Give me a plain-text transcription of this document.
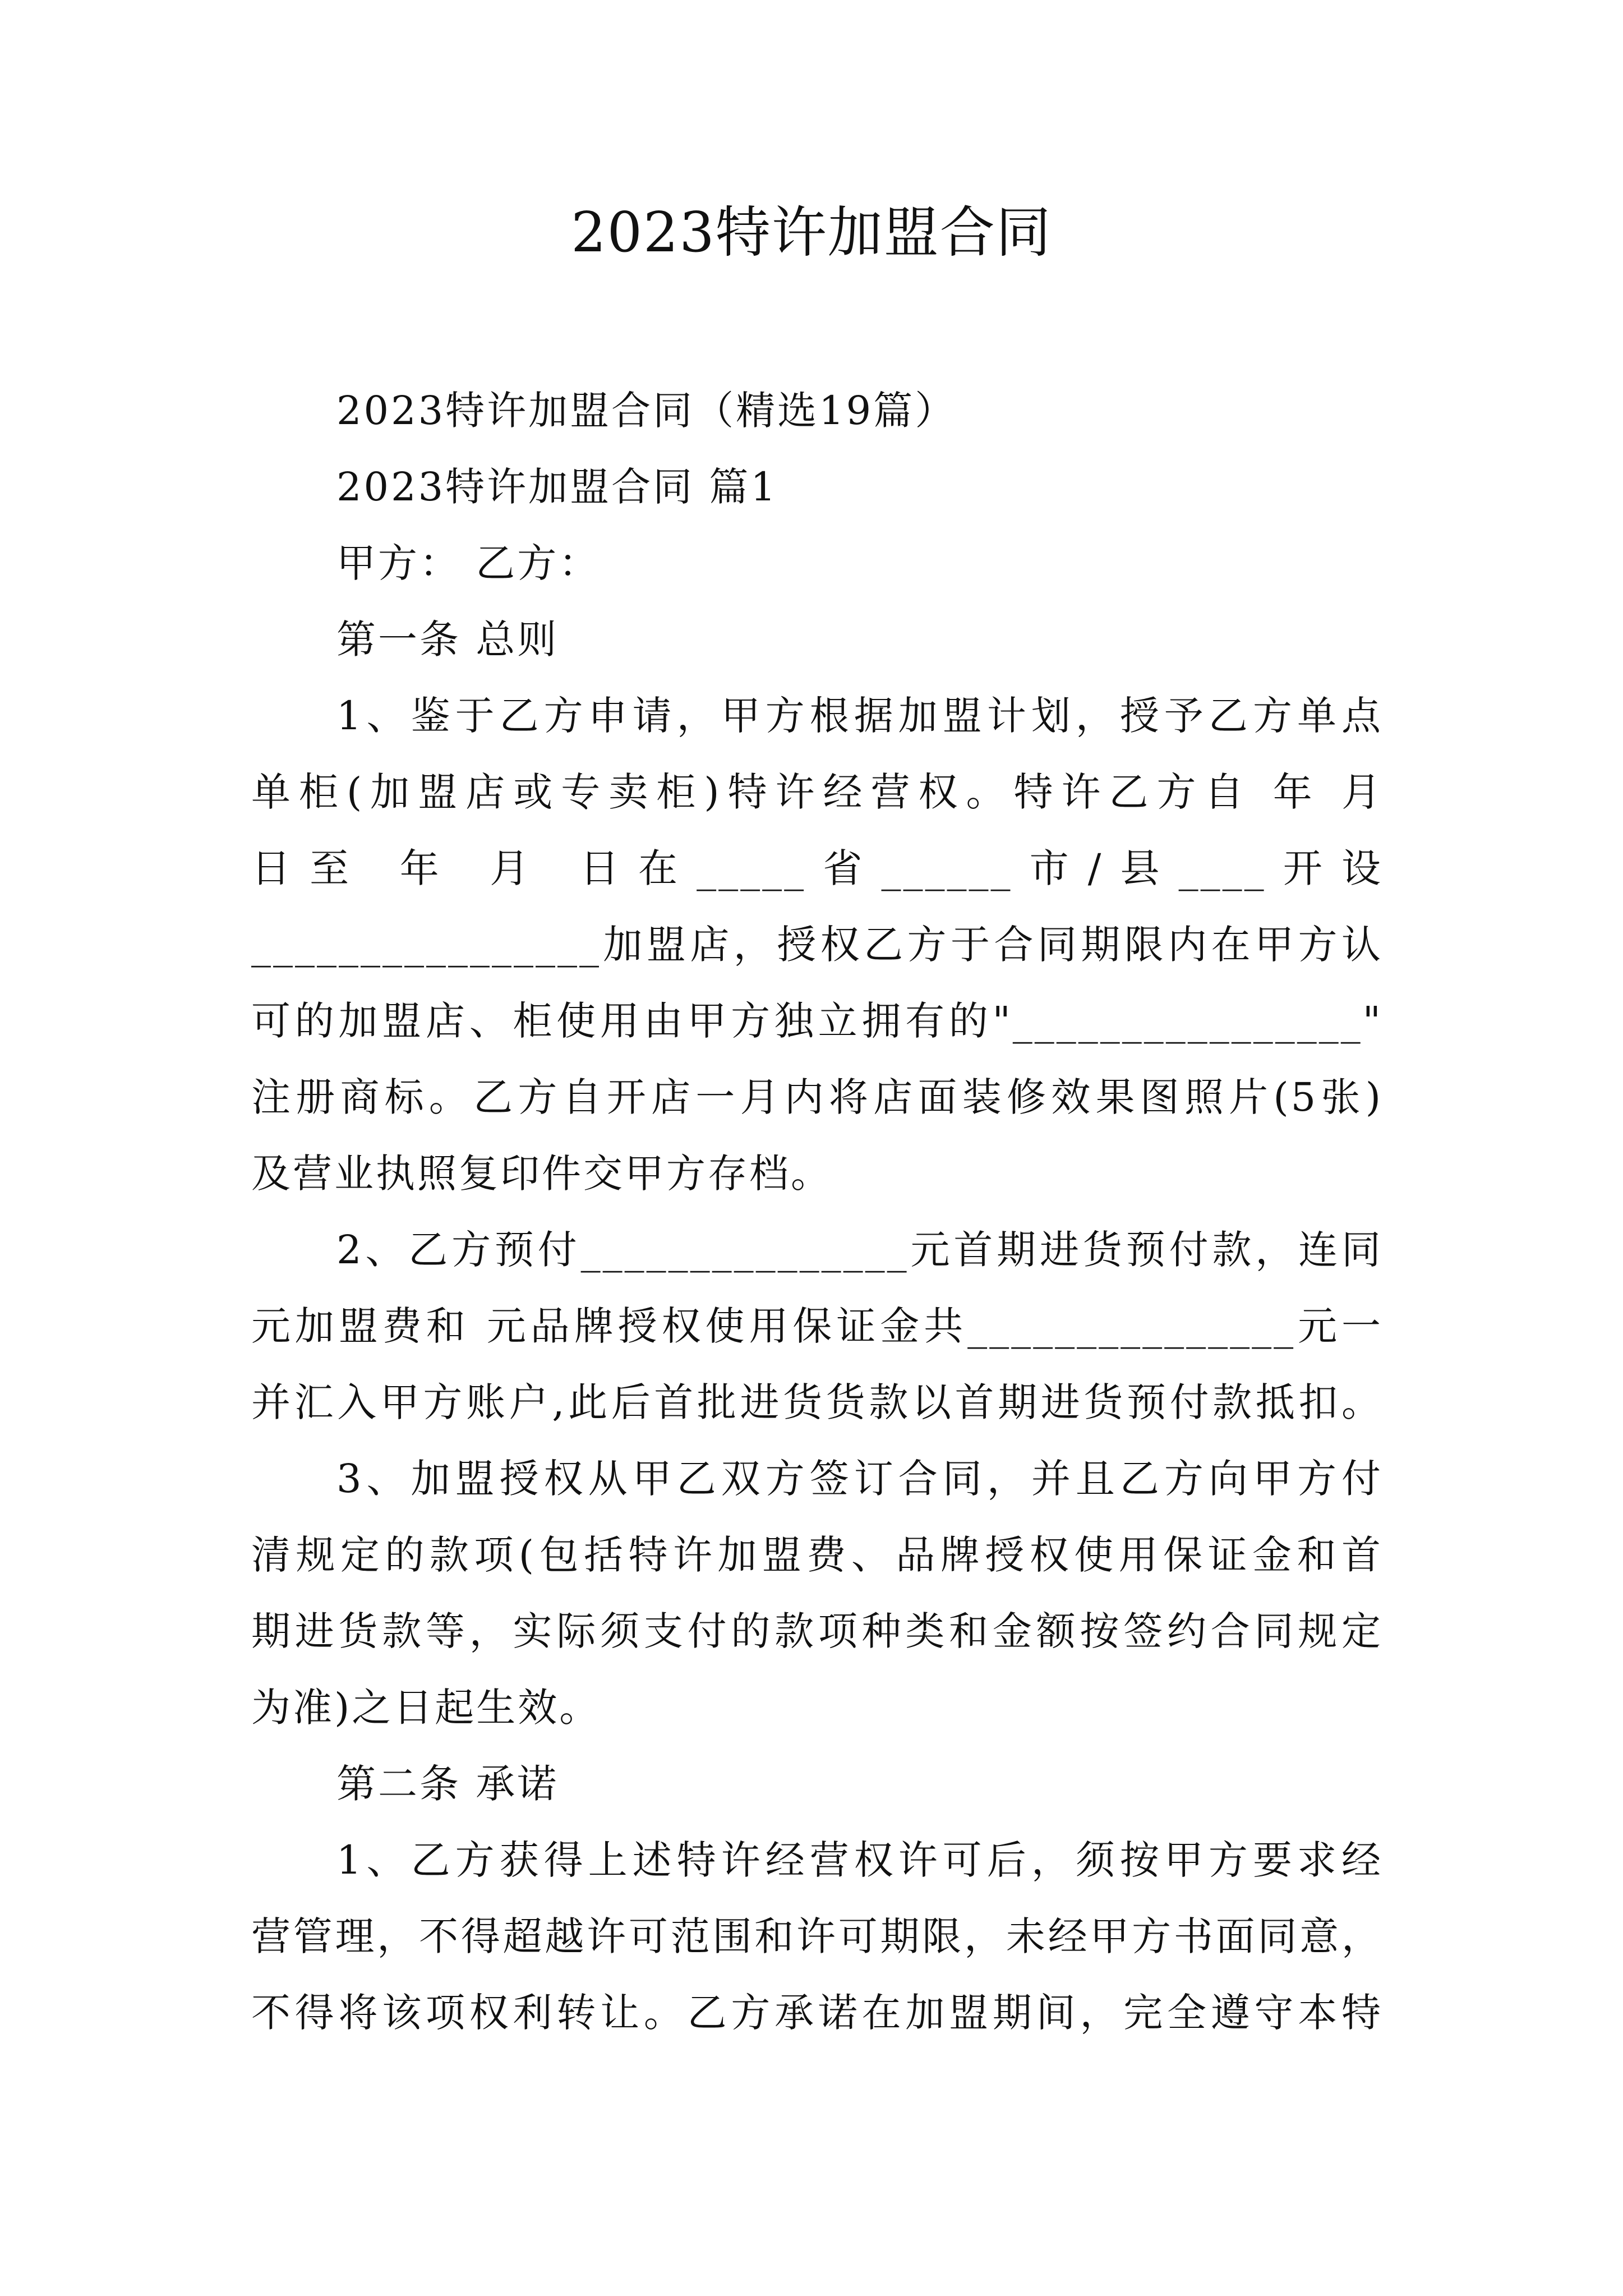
2023特许加盟合同
2023特许加盟合同（精选19篇）
2023特许加盟合同 篇1
甲方： 乙方：
第一条 总则
1、鉴于乙方申请，甲方根据加盟计划，授予乙方单点
单柜(加盟店或专卖柜)特许经营权。特许乙方自 年 月
日至 年 月 日在_____省______市/县____开设
________________加盟店，授权乙方于合同期限内在甲方认
可的加盟店、柜使用由甲方独立拥有的"________________"
注册商标。乙方自开店一月内将店面装修效果图照片(5张)
及营业执照复印件交甲方存档。
2、乙方预付_______________元首期进货预付款，连同
元加盟费和 元品牌授权使用保证金共_______________元一
并汇入甲方账户,此后首批进货货款以首期进货预付款抵扣。
3、加盟授权从甲乙双方签订合同，并且乙方向甲方付
清规定的款项(包括特许加盟费、品牌授权使用保证金和首
期进货款等，实际须支付的款项种类和金额按签约合同规定
为准)之日起生效。
第二条 承诺
1、乙方获得上述特许经营权许可后，须按甲方要求经
营管理，不得超越许可范围和许可期限，未经甲方书面同意，
不得将该项权利转让。乙方承诺在加盟期间，完全遵守本特
